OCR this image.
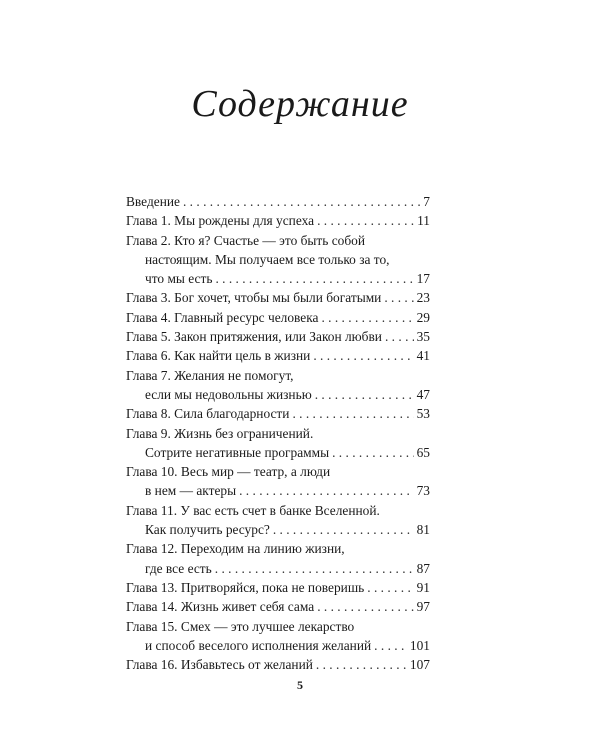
Содержание
Введение . . .	7
Глава 1. Мы рождены для успеха . . .	11
Глава 2. Кто я? Счастье — это быть собой
настоящим. Мы получаем все только за то,
что мы есть . . .	17
Глава 3. Бог хочет, чтобы мы были богатыми . . .	23
Глава 4. Главный ресурс человека . . .	29
Глава 5. Закон притяжения, или Закон любви . . .	35
Глава 6. Как найти цель в жизни . . .	41
Глава 7. Желания не помогут,
если мы недовольны жизнью . . .	47
Глава 8. Сила благодарности . . .	53
Глава 9. Жизнь без ограничений.
Сотрите негативные программы . . .	65
Глава 10. Весь мир — театр, а люди
в нем — актеры . . .	73
Глава 11. У вас есть счет в банке Вселенной.
Как получить ресурс? . . .	81
Глава 12. Переходим на линию жизни,
где все есть . . .	87
Глава 13. Притворяйся, пока не поверишь . . .	91
Глава 14. Жизнь живет себя сама . . .	97
Глава 15. Смех — это лучшее лекарство
и способ веселого исполнения желаний . . .	101
Глава 16. Избавьтесь от желаний . . .	107
5
